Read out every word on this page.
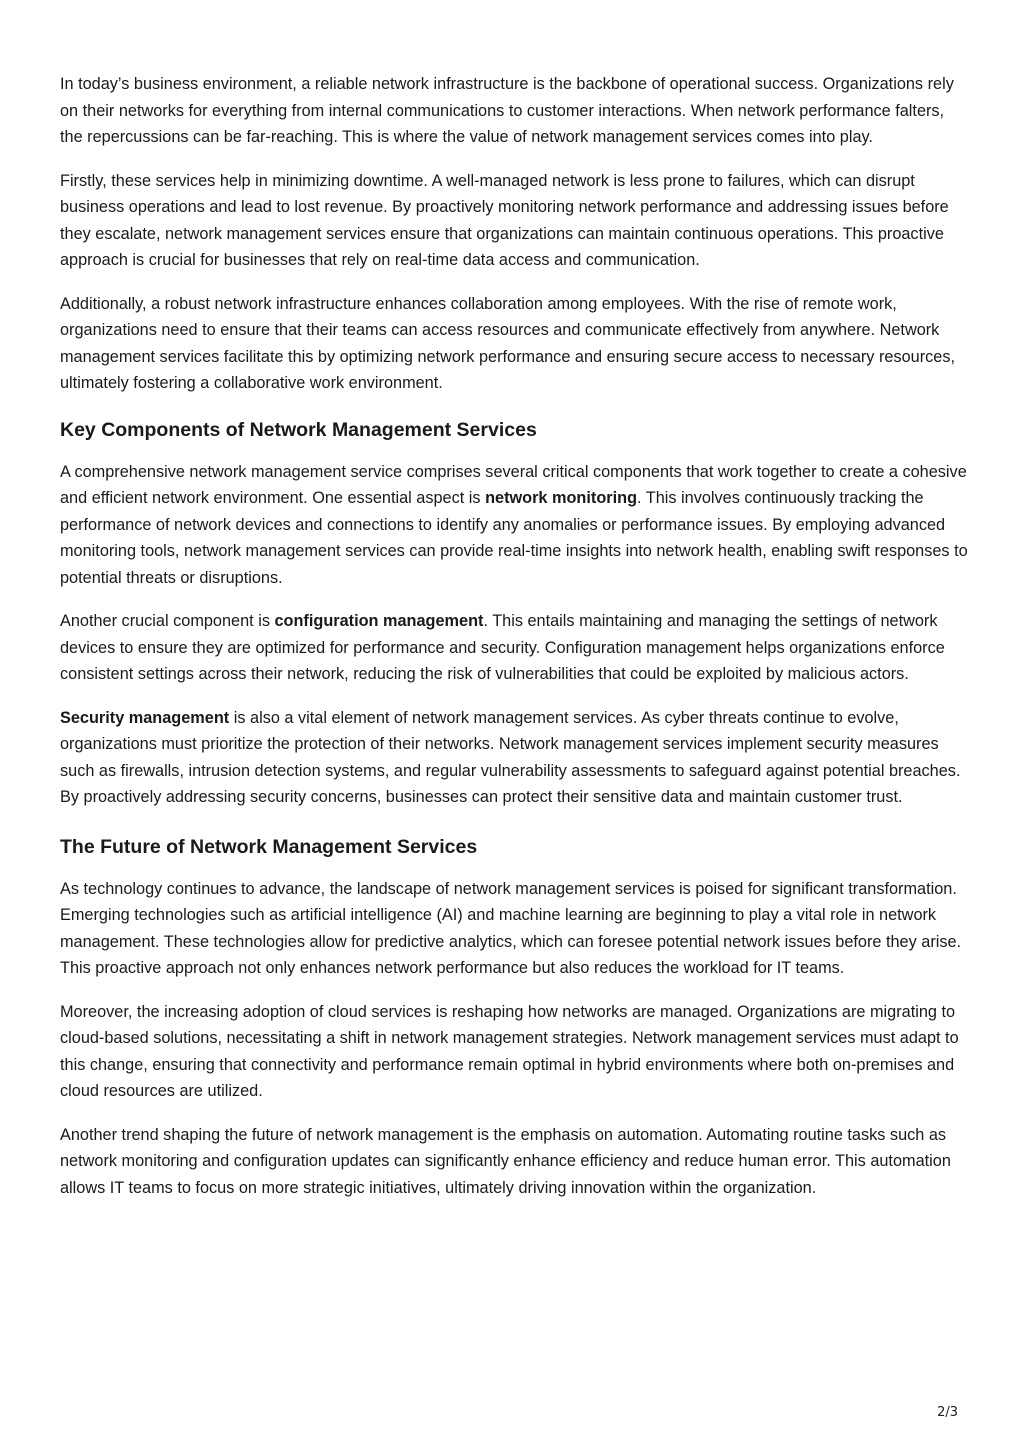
In today’s business environment, a reliable network infrastructure is the backbone of operational success. Organizations rely on their networks for everything from internal communications to customer interactions. When network performance falters, the repercussions can be far-reaching. This is where the value of network management services comes into play.

Firstly, these services help in minimizing downtime. A well-managed network is less prone to failures, which can disrupt business operations and lead to lost revenue. By proactively monitoring network performance and addressing issues before they escalate, network management services ensure that organizations can maintain continuous operations. This proactive approach is crucial for businesses that rely on real-time data access and communication.

Additionally, a robust network infrastructure enhances collaboration among employees. With the rise of remote work, organizations need to ensure that their teams can access resources and communicate effectively from anywhere. Network management services facilitate this by optimizing network performance and ensuring secure access to necessary resources, ultimately fostering a collaborative work environment.

Key Components of Network Management Services

A comprehensive network management service comprises several critical components that work together to create a cohesive and efficient network environment. One essential aspect is network monitoring. This involves continuously tracking the performance of network devices and connections to identify any anomalies or performance issues. By employing advanced monitoring tools, network management services can provide real-time insights into network health, enabling swift responses to potential threats or disruptions.

Another crucial component is configuration management. This entails maintaining and managing the settings of network devices to ensure they are optimized for performance and security. Configuration management helps organizations enforce consistent settings across their network, reducing the risk of vulnerabilities that could be exploited by malicious actors.

Security management is also a vital element of network management services. As cyber threats continue to evolve, organizations must prioritize the protection of their networks. Network management services implement security measures such as firewalls, intrusion detection systems, and regular vulnerability assessments to safeguard against potential breaches. By proactively addressing security concerns, businesses can protect their sensitive data and maintain customer trust.

The Future of Network Management Services

As technology continues to advance, the landscape of network management services is poised for significant transformation. Emerging technologies such as artificial intelligence (AI) and machine learning are beginning to play a vital role in network management. These technologies allow for predictive analytics, which can foresee potential network issues before they arise. This proactive approach not only enhances network performance but also reduces the workload for IT teams.

Moreover, the increasing adoption of cloud services is reshaping how networks are managed. Organizations are migrating to cloud-based solutions, necessitating a shift in network management strategies. Network management services must adapt to this change, ensuring that connectivity and performance remain optimal in hybrid environments where both on-premises and cloud resources are utilized.

Another trend shaping the future of network management is the emphasis on automation. Automating routine tasks such as network monitoring and configuration updates can significantly enhance efficiency and reduce human error. This automation allows IT teams to focus on more strategic initiatives, ultimately driving innovation within the organization.

2/3
